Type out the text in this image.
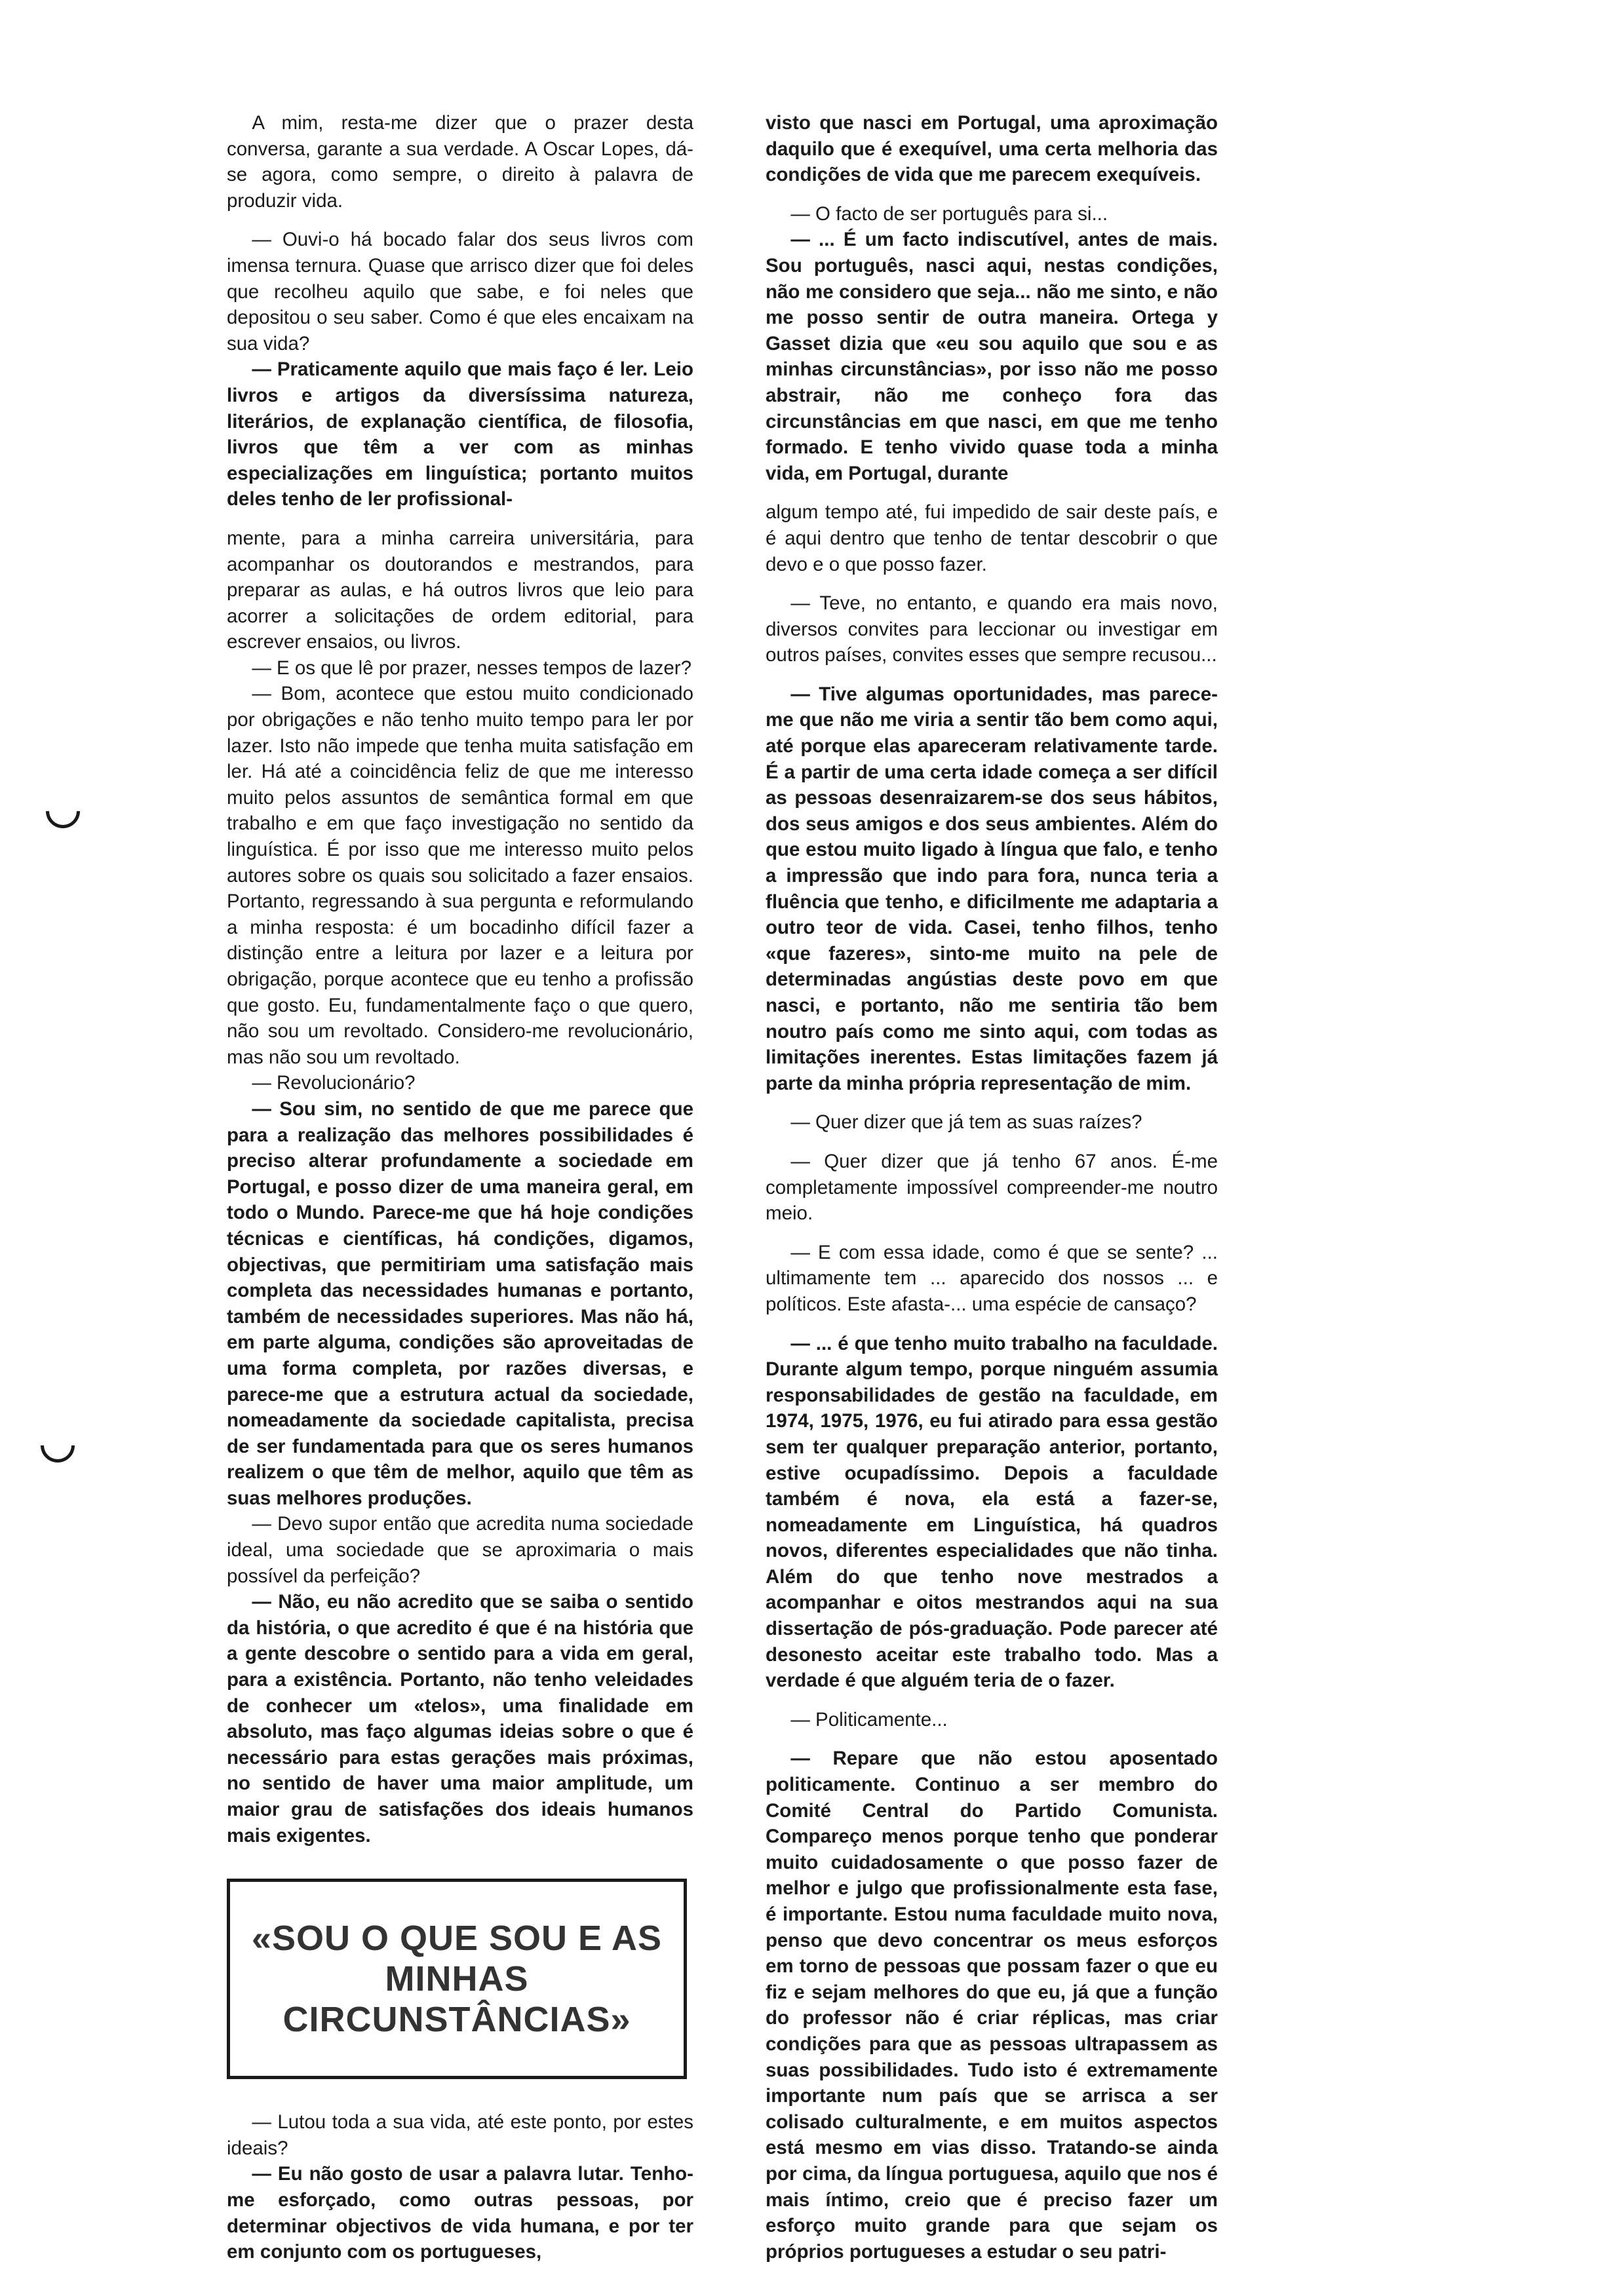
A mim, resta-me dizer que o prazer desta conversa, garante a sua verdade. A Oscar Lopes, dá-se agora, como sempre, o direito à palavra de produzir vida.

— Ouvi-o há bocado falar dos seus livros com imensa ternura. Quase que arrisco dizer que foi deles que recolheu aquilo que sabe, e foi neles que depositou o seu saber. Como é que eles encaixam na sua vida?

— Praticamente aquilo que mais faço é ler. Leio livros e artigos da diversíssima natureza, literários, de explanação científica, de filosofia, livros que têm a ver com as minhas especializações em linguística; portanto muitos deles tenho de ler profissional-

mente, para a minha carreira universitária, para acompanhar os doutorandos e mestrandos, para preparar as aulas, e há outros livros que leio para acorrer a solicitações de ordem editorial, para escrever ensaios, ou livros.

— E os que lê por prazer, nesses tempos de lazer?

— Bom, acontece que estou muito condicionado por obrigações e não tenho muito tempo para ler por lazer. Isto não impede que tenha muita satisfação em ler. Há até a coincidência feliz de que me interesso muito pelos assuntos de semântica formal em que trabalho e em que faço investigação no sentido da linguística. É por isso que me interesso muito pelos autores sobre os quais sou solicitado a fazer ensaios. Portanto, regressando à sua pergunta e reformulando a minha resposta: é um bocadinho difícil fazer a distinção entre a leitura por lazer e a leitura por obrigação, porque acontece que eu tenho a profissão que gosto. Eu, fundamentalmente faço o que quero, não sou um revoltado. Considero-me revolucionário, mas não sou um revoltado.

— Revolucionário?

— Sou sim, no sentido de que me parece que para a realização das melhores possibilidades é preciso alterar profundamente a sociedade em Portugal, e posso dizer de uma maneira geral, em todo o Mundo. Parece-me que há hoje condições técnicas e científicas, há condições, digamos, objectivas, que permitiriam uma satisfação mais completa das necessidades humanas e portanto, também de necessidades superiores. Mas não há, em parte alguma, condições são aproveitadas de uma forma completa, por razões diversas, e parece-me que a estrutura actual da sociedade, nomeadamente da sociedade capitalista, precisa de ser fundamentada para que os seres humanos realizem o que têm de melhor, aquilo que têm as suas melhores produções.

— Devo supor então que acredita numa sociedade ideal, uma sociedade que se aproximaria o mais possível da perfeição?

— Não, eu não acredito que se saiba o sentido da história, o que acredito é que é na história que a gente descobre o sentido para a vida em geral, para a existência. Portanto, não tenho veleidades de conhecer um «telos», uma finalidade em absoluto, mas faço algumas ideias sobre o que é necessário para estas gerações mais próximas, no sentido de haver uma maior amplitude, um maior grau de satisfações dos ideais humanos mais exigentes.

«SOU O QUE SOU E AS MINHAS CIRCUNSTÂNCIAS»

— Lutou toda a sua vida, até este ponto, por estes ideais?

— Eu não gosto de usar a palavra lutar. Tenho-me esforçado, como outras pessoas, por determinar objectivos de vida humana, e por ter em conjunto com os portugueses,

visto que nasci em Portugal, uma aproximação daquilo que é exequível, uma certa melhoria das condições de vida que me parecem exequíveis.

— O facto de ser português para si...

— ... É um facto indiscutível, antes de mais. Sou português, nasci aqui, nestas condições, não me considero que seja... não me sinto, e não me posso sentir de outra maneira. Ortega y Gasset dizia que «eu sou aquilo que sou e as minhas circunstâncias», por isso não me posso abstrair, não me conheço fora das circunstâncias em que nasci, em que me tenho formado. E tenho vivido quase toda a minha vida, em Portugal, durante

algum tempo até, fui impedido de sair deste país, e é aqui dentro que tenho de tentar descobrir o que devo e o que posso fazer.

— Teve, no entanto, e quando era mais novo, diversos convites para leccionar ou investigar em outros países, convites esses que sempre recusou...

— Tive algumas oportunidades, mas parece-me que não me viria a sentir tão bem como aqui, até porque elas apareceram relativamente tarde. É a partir de uma certa idade começa a ser difícil as pessoas desenraizarem-se dos seus hábitos, dos seus amigos e dos seus ambientes. Além do que estou muito ligado à língua que falo, e tenho a impressão que indo para fora, nunca teria a fluência que tenho, e dificilmente me adaptaria a outro teor de vida. Casei, tenho filhos, tenho «que fazeres», sinto-me muito na pele de determinadas angústias deste povo em que nasci, e portanto, não me sentiria tão bem noutro país como me sinto aqui, com todas as limitações inerentes. Estas limitações fazem já parte da minha própria representação de mim.

— Quer dizer que já tem as suas raízes?

— Quer dizer que já tenho 67 anos. É-me completamente impossível compreender-me noutro meio.

— E com essa idade, como é que se sente? ... ultimamente tem ... aparecido dos nossos ... e políticos. Este afasta-... uma espécie de cansaço?

— ... é que tenho muito trabalho na faculdade. Durante algum tempo, porque ninguém assumia responsabilidades de gestão na faculdade, em 1974, 1975, 1976, eu fui atirado para essa gestão sem ter qualquer preparação anterior, portanto, estive ocupadíssimo. Depois a faculdade também é nova, ela está a fazer-se, nomeadamente em Linguística, há quadros novos, diferentes especialidades que não tinha. Além do que tenho nove mestrados a acompanhar e oitos mestrandos aqui na sua dissertação de pós-graduação. Pode parecer até desonesto aceitar este trabalho todo. Mas a verdade é que alguém teria de o fazer.

— Politicamente...

— Repare que não estou aposentado politicamente. Continuo a ser membro do Comité Central do Partido Comunista. Compareço menos porque tenho que ponderar muito cuidadosamente o que posso fazer de melhor e julgo que profissionalmente esta fase, é importante. Estou numa faculdade muito nova, penso que devo concentrar os meus esforços em torno de pessoas que possam fazer o que eu fiz e sejam melhores do que eu, já que a função do professor não é criar réplicas, mas criar condições para que as pessoas ultrapassem as suas possibilidades. Tudo isto é extremamente importante num país que se arrisca a ser colisado culturalmente, e em muitos aspectos está mesmo em vias disso. Tratando-se ainda por cima, da língua portuguesa, aquilo que nos é mais íntimo, creio que é preciso fazer um esforço muito grande para que sejam os próprios portugueses a estudar o seu patri-
